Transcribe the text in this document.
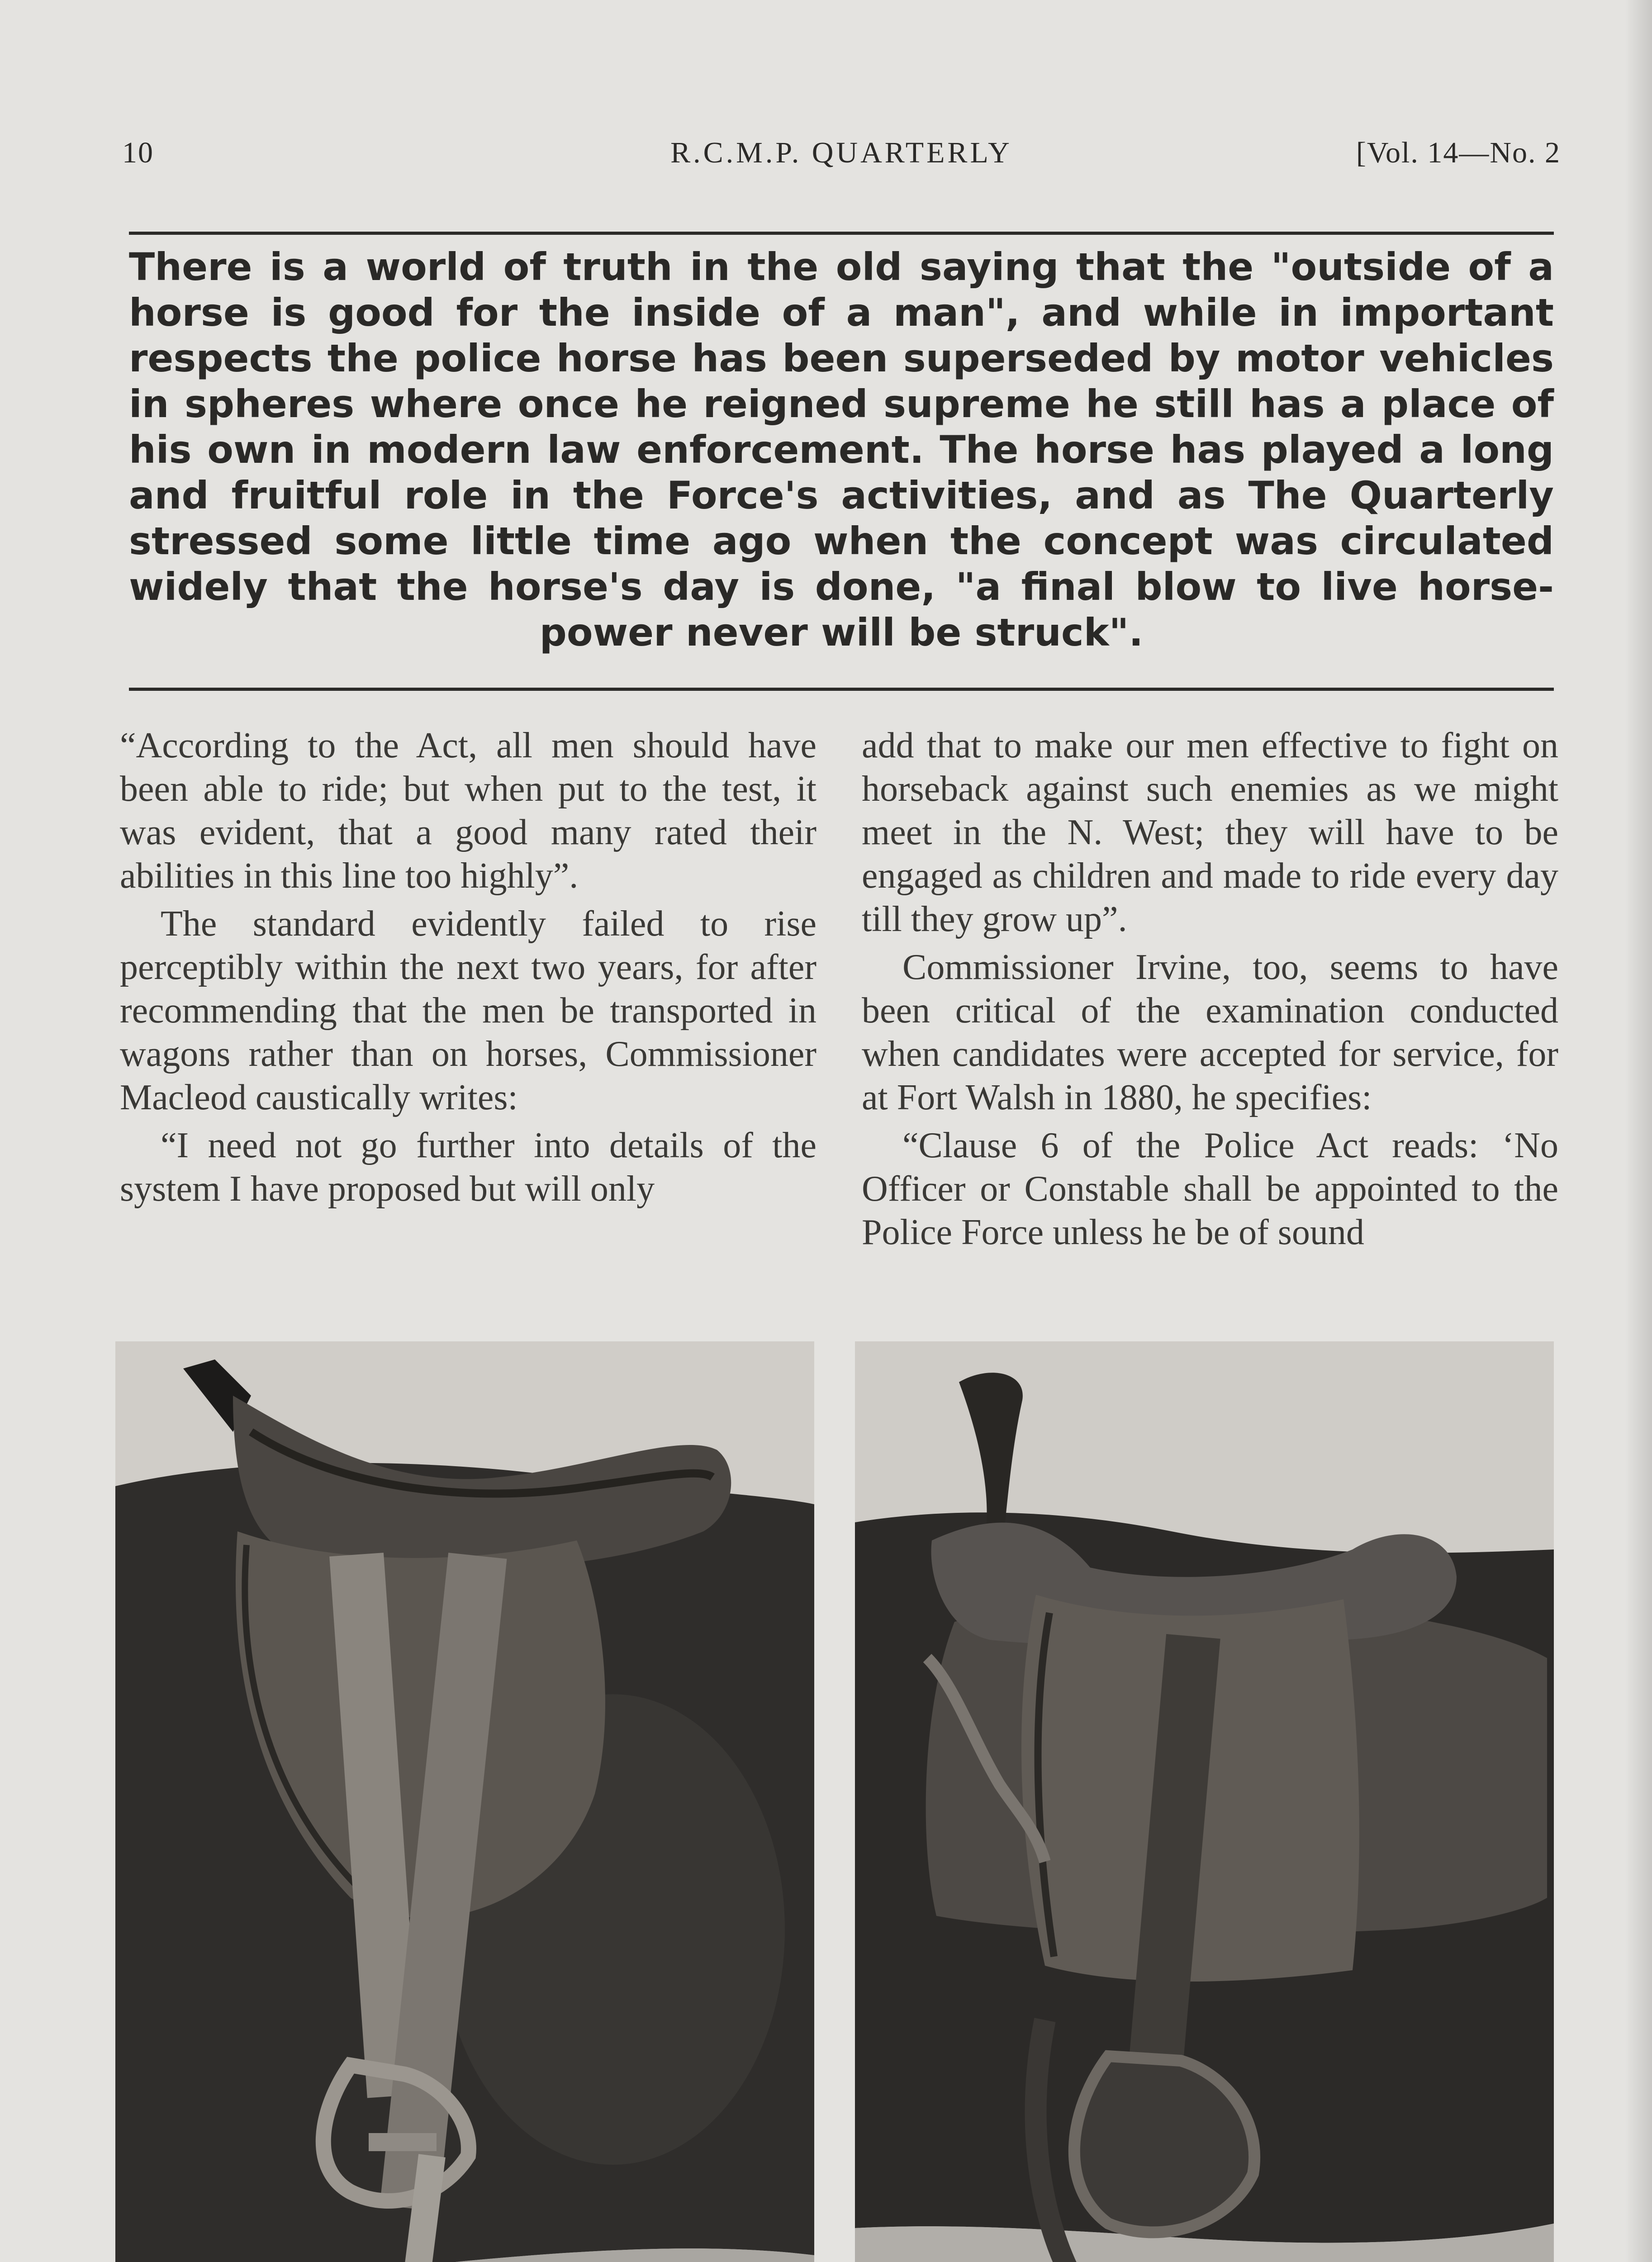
10	R.C.M.P. QUARTERLY	[Vol. 14—No. 2
There is a world of truth in the old saying that the "outside of a horse is good for the inside of a man", and while in important respects the police horse has been superseded by motor vehicles in spheres where once he reigned supreme he still has a place of his own in modern law enforcement. The horse has played a long and fruitful role in the Force's activities, and as The Quarterly stressed some little time ago when the concept was circulated widely that the horse's day is done, "a final blow to live horse-power never will be struck".

“According to the Act, all men should have been able to ride; but when put to the test, it was evident, that a good many rated their abilities in this line too highly”.

The standard evidently failed to rise perceptibly within the next two years, for after recommending that the men be transported in wagons rather than on horses, Commissioner Macleod caustically writes:

“I need not go further into details of the system I have proposed but will only

add that to make our men effective to fight on horseback against such enemies as we might meet in the N. West; they will have to be engaged as children and made to ride every day till they grow up”.

Commissioner Irvine, too, seems to have been critical of the examination conducted when candidates were accepted for service, for at Fort Walsh in 1880, he specifies:

“Clause 6 of the Police Act reads: ‘No Officer or Constable shall be appointed to the Police Force unless he be of sound
